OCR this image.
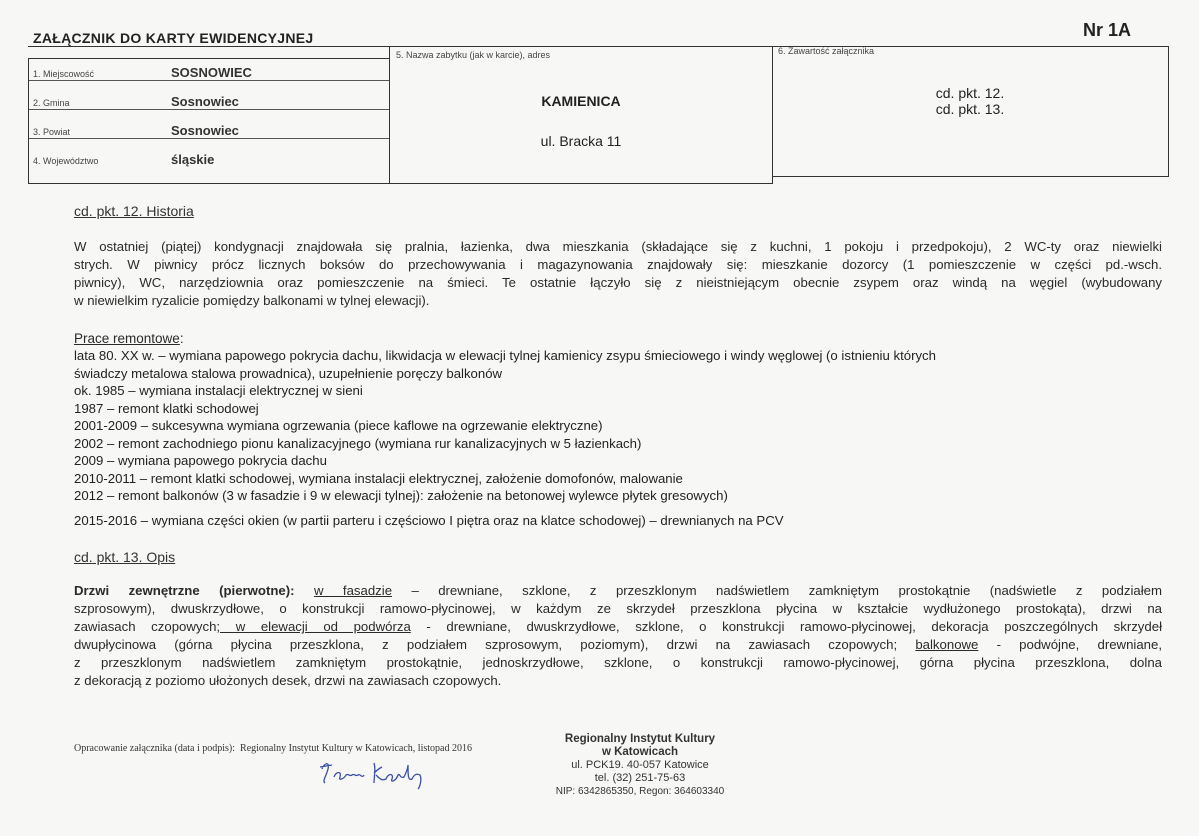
ZAŁĄCZNIK DO KARTY EWIDENCYJNEJ	Nr 1A
1. Miejscowość	SOSNOWIEC
2. Gmina	Sosnowiec
3. Powiat	Sosnowiec
4. Województwo	śląskie
5. Nazwa zabytku (jak w karcie), adres
KAMIENICA
ul. Bracka 11
6. Zawartość załącznika
cd. pkt. 12.
cd. pkt. 13.
cd. pkt. 12. Historia
W ostatniej (piątej) kondygnacji znajdowała się pralnia, łazienka, dwa mieszkania (składające się z kuchni, 1 pokoju i przedpokoju), 2 WC-ty oraz niewielki
strych. W piwnicy prócz licznych boksów do przechowywania i magazynowania znajdowały się: mieszkanie dozorcy (1 pomieszczenie w części pd.-wsch.
piwnicy), WC, narzędziownia oraz pomieszczenie na śmieci. Te ostatnie łączyło się z nieistniejącym obecnie zsypem oraz windą na węgiel (wybudowany
w niewielkim ryzalicie pomiędzy balkonami w tylnej elewacji).
Prace remontowe:
lata 80. XX w. – wymiana papowego pokrycia dachu, likwidacja w elewacji tylnej kamienicy zsypu śmieciowego i windy węglowej (o istnieniu których
świadczy metalowa stalowa prowadnica), uzupełnienie poręczy balkonów
ok. 1985 – wymiana instalacji elektrycznej w sieni
1987 – remont klatki schodowej
2001-2009 – sukcesywna wymiana ogrzewania (piece kaflowe na ogrzewanie elektryczne)
2002 – remont zachodniego pionu kanalizacyjnego (wymiana rur kanalizacyjnych w 5 łazienkach)
2009 – wymiana papowego pokrycia dachu
2010-2011 – remont klatki schodowej, wymiana instalacji elektrycznej, założenie domofonów, malowanie
2012 – remont balkonów (3 w fasadzie i 9 w elewacji tylnej): założenie na betonowej wylewce płytek gresowych)
2015-2016 – wymiana części okien (w partii parteru i częściowo I piętra oraz na klatce schodowej) – drewnianych na PCV
cd. pkt. 13. Opis
Drzwi zewnętrzne (pierwotne): w fasadzie – drewniane, szklone, z przeszklonym nadświetlem zamkniętym prostokątnie (nadświetle z podziałem
szprosowym), dwuskrzydłowe, o konstrukcji ramowo-płycinowej, w każdym ze skrzydeł przeszklona płycina w kształcie wydłużonego prostokąta), drzwi na
zawiasach czopowych; w elewacji od podwórza - drewniane, dwuskrzydłowe, szklone, o konstrukcji ramowo-płycinowej, dekoracja poszczególnych skrzydeł
dwupłycinowa (górna płycina przeszklona, z podziałem szprosowym, poziomym), drzwi na zawiasach czopowych; balkonowe - podwójne, drewniane,
z przeszklonym nadświetlem zamkniętym prostokątnie, jednoskrzydłowe, szklone, o konstrukcji ramowo-płycinowej, górna płycina przeszklona, dolna
z dekoracją z poziomo ułożonych desek, drzwi na zawiasach czopowych.
Opracowanie załącznika (data i podpis): Regionalny Instytut Kultury w Katowicach, listopad 2016
Regionalny Instytut Kultury
w Katowicach
ul. PCK19. 40-057 Katowice
tel. (32) 251-75-63
NIP: 6342865350, Regon: 364603340
